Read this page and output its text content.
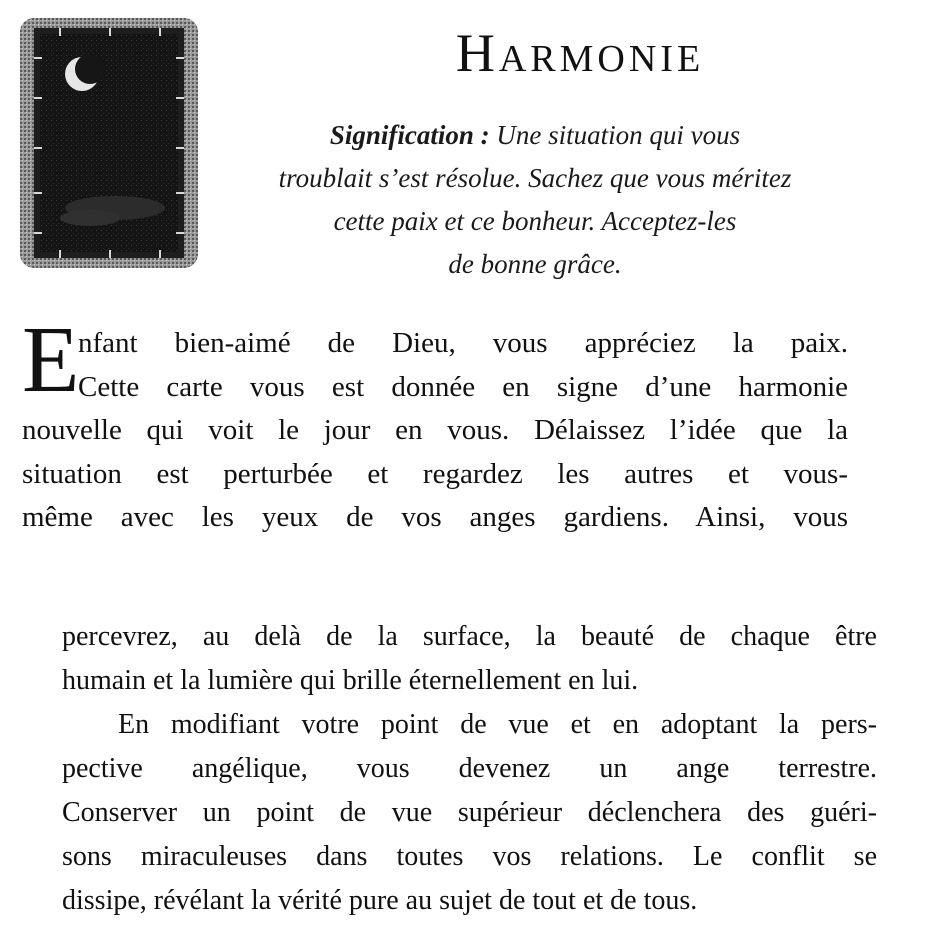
Harmonie
Signification : Une situation qui vous
troublait s’est résolue. Sachez que vous méritez
cette paix et ce bonheur. Acceptez-les
de bonne grâce.
E
nfant bien-aimé de Dieu, vous appréciez la paix.
Cette carte vous est donnée en signe d’une harmonie
nouvelle qui voit le jour en vous. Délaissez l’idée que la
situation est perturbée et regardez les autres et vous-
même avec les yeux de vos anges gardiens. Ainsi, vous
percevrez, au delà de la surface, la beauté de chaque être
humain et la lumière qui brille éternellement en lui.
En modifiant votre point de vue et en adoptant la pers-
pective angélique, vous devenez un ange terrestre.
Conserver un point de vue supérieur déclenchera des guéri-
sons miraculeuses dans toutes vos relations. Le conflit se
dissipe, révélant la vérité pure au sujet de tout et de tous.
